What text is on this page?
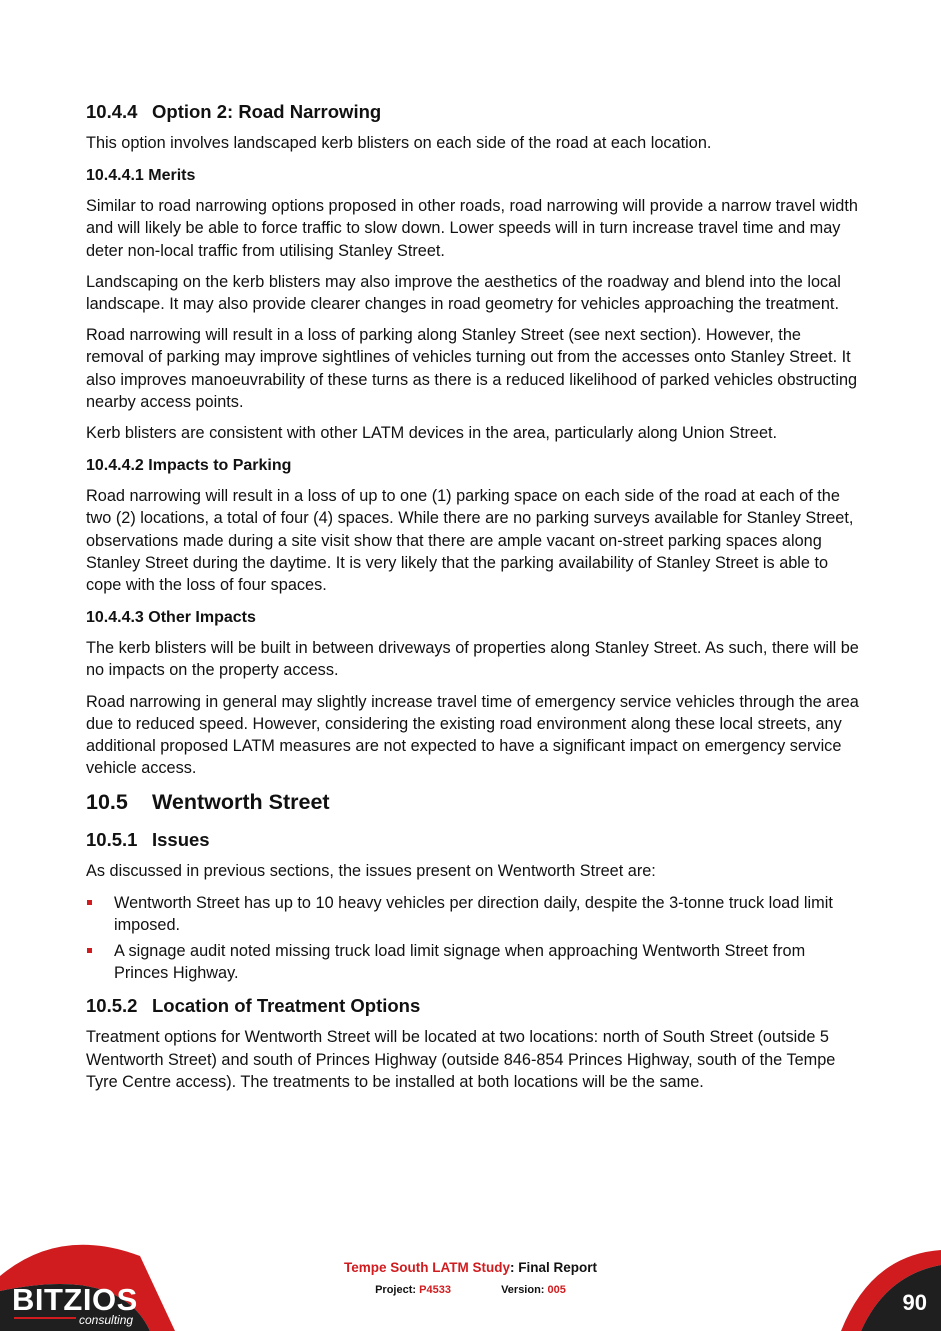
10.4.4 Option 2: Road Narrowing

This option involves landscaped kerb blisters on each side of the road at each location.

10.4.4.1 Merits

Similar to road narrowing options proposed in other roads, road narrowing will provide a narrow travel width and will likely be able to force traffic to slow down. Lower speeds will in turn increase travel time and may deter non-local traffic from utilising Stanley Street.

Landscaping on the kerb blisters may also improve the aesthetics of the roadway and blend into the local landscape. It may also provide clearer changes in road geometry for vehicles approaching the treatment.

Road narrowing will result in a loss of parking along Stanley Street (see next section). However, the removal of parking may improve sightlines of vehicles turning out from the accesses onto Stanley Street. It also improves manoeuvrability of these turns as there is a reduced likelihood of parked vehicles obstructing nearby access points.

Kerb blisters are consistent with other LATM devices in the area, particularly along Union Street.

10.4.4.2 Impacts to Parking

Road narrowing will result in a loss of up to one (1) parking space on each side of the road at each of the two (2) locations, a total of four (4) spaces. While there are no parking surveys available for Stanley Street, observations made during a site visit show that there are ample vacant on-street parking spaces along Stanley Street during the daytime. It is very likely that the parking availability of Stanley Street is able to cope with the loss of four spaces.

10.4.4.3 Other Impacts

The kerb blisters will be built in between driveways of properties along Stanley Street. As such, there will be no impacts on the property access.

Road narrowing in general may slightly increase travel time of emergency service vehicles through the area due to reduced speed. However, considering the existing road environment along these local streets, any additional proposed LATM measures are not expected to have a significant impact on emergency service vehicle access.

10.5 Wentworth Street
10.5.1 Issues

As discussed in previous sections, the issues present on Wentworth Street are:

Wentworth Street has up to 10 heavy vehicles per direction daily, despite the 3-tonne truck load limit imposed.
A signage audit noted missing truck load limit signage when approaching Wentworth Street from Princes Highway.
10.5.2 Location of Treatment Options

Treatment options for Wentworth Street will be located at two locations: north of South Street (outside 5 Wentworth Street) and south of Princes Highway (outside 846-854 Princes Highway, south of the Tempe Tyre Centre access). The treatments to be installed at both locations will be the same.

BITZIOS
consulting
Tempe South LATM Study: Final Report
Project: P4533	Version: 005	90
